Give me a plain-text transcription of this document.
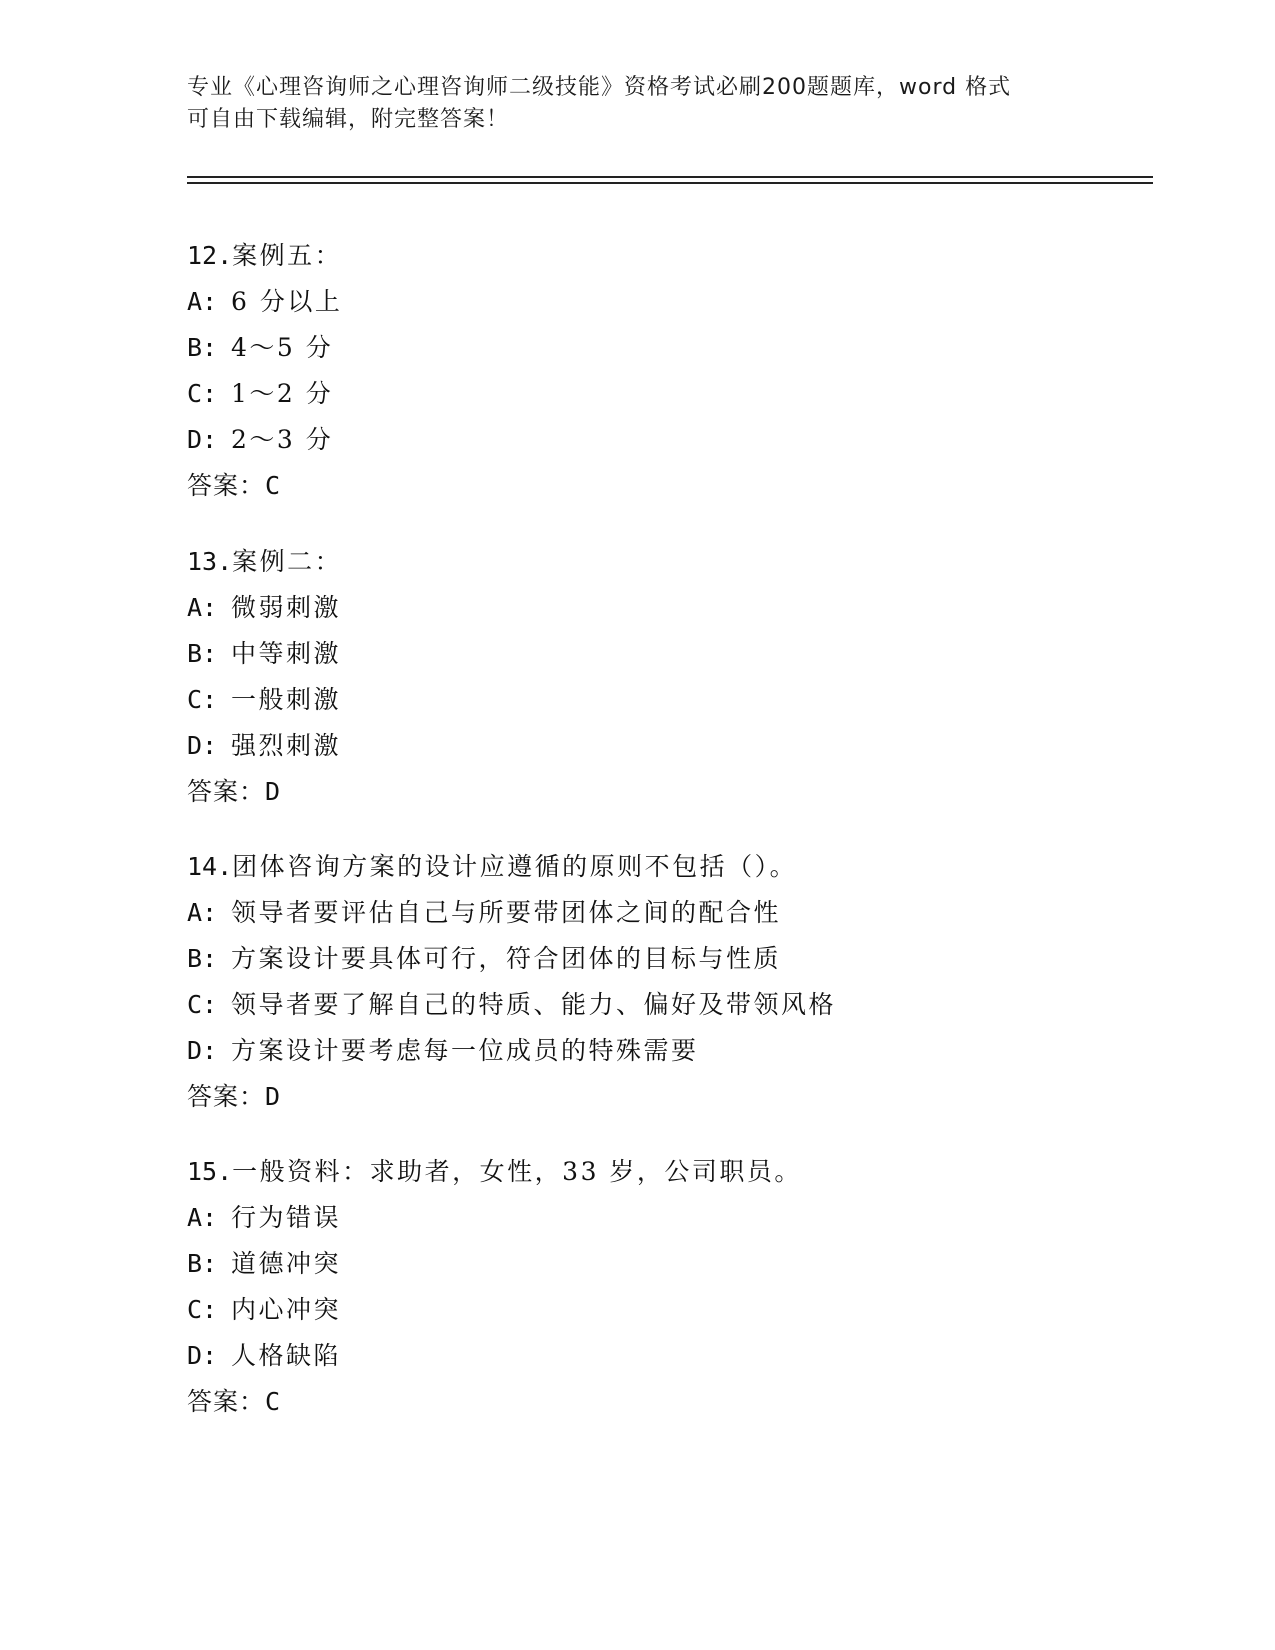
专业《心理咨询师之心理咨询师二级技能》资格考试必刷200题题库，word 格式
可自由下载编辑，附完整答案！
12.案例五：
A: 6 分以上
B: 4～5 分
C: 1～2 分
D: 2～3 分
答案：C
13.案例二：
A: 微弱刺激
B: 中等刺激
C: 一般刺激
D: 强烈刺激
答案：D
14.团体咨询方案的设计应遵循的原则不包括（）。
A: 领导者要评估自己与所要带团体之间的配合性
B: 方案设计要具体可行，符合团体的目标与性质
C: 领导者要了解自己的特质、能力、偏好及带领风格
D: 方案设计要考虑每一位成员的特殊需要
答案：D
15.一般资料：求助者，女性，33 岁，公司职员。
A: 行为错误
B: 道德冲突
C: 内心冲突
D: 人格缺陷
答案：C
